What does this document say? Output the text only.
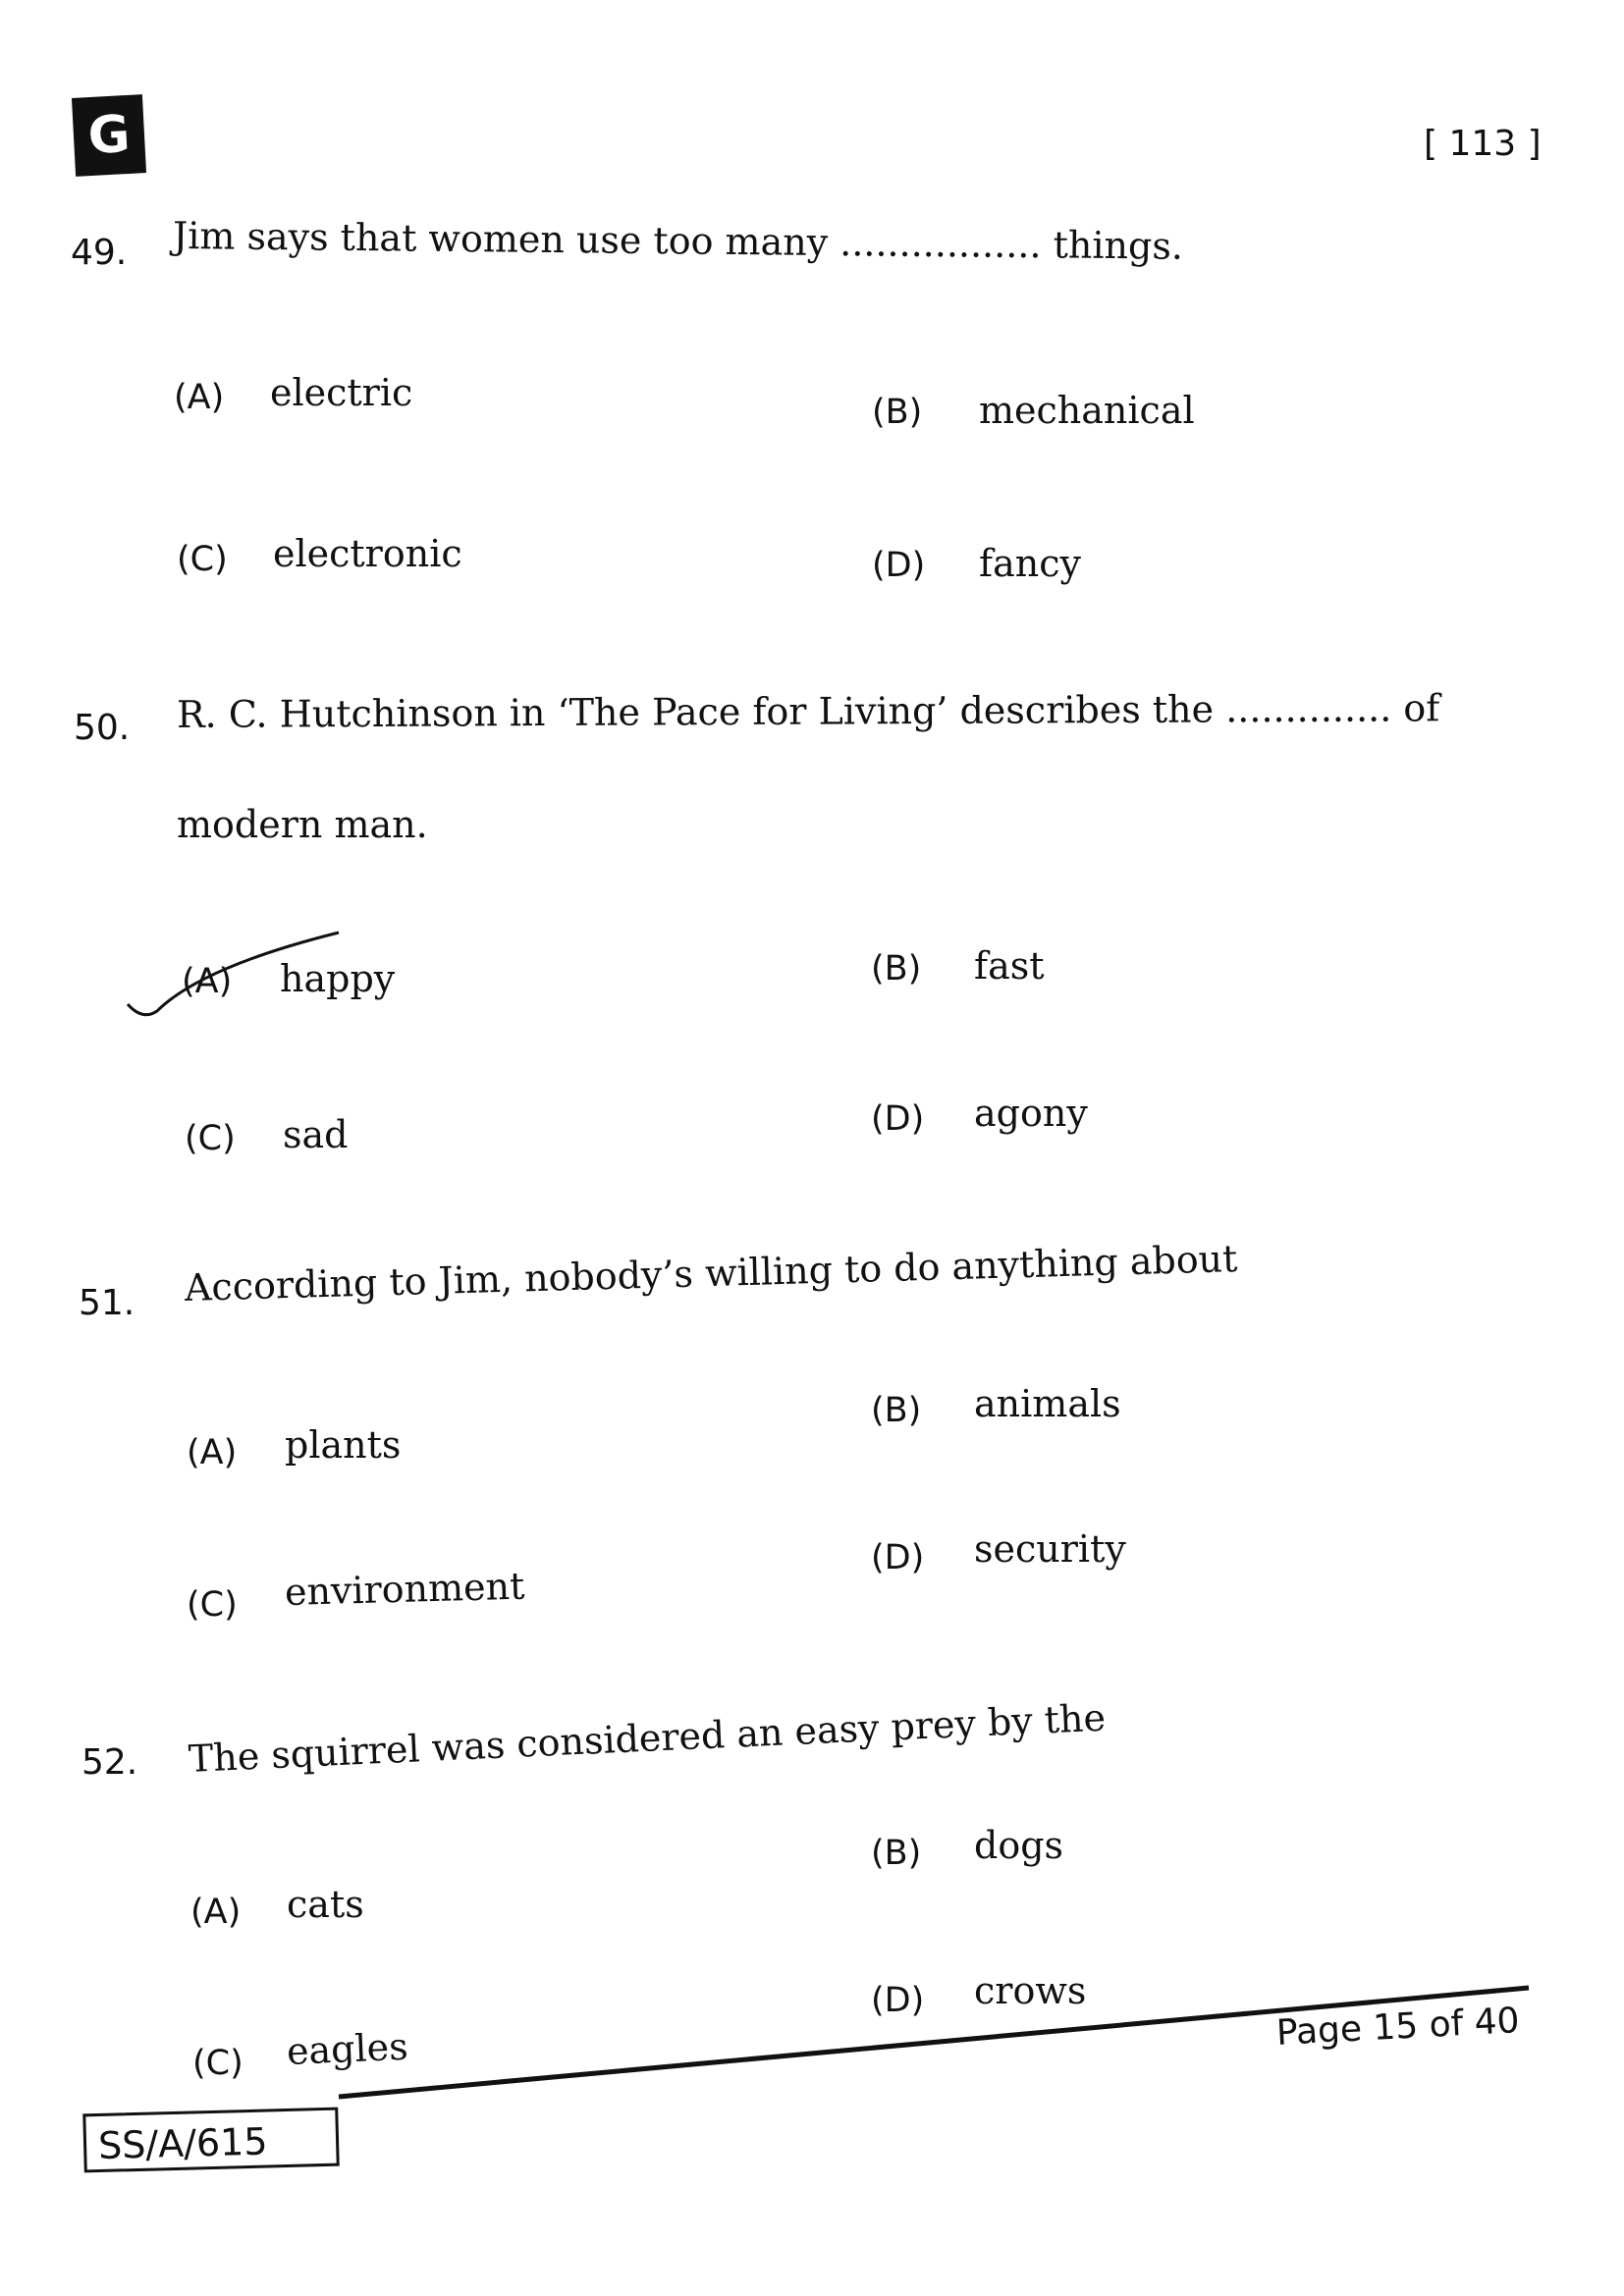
G	[ 113 ]
49. Jim says that women use too many ................. things.
(A) electric	(B) mechanical
(C) electronic	(D) fancy
50. R. C. Hutchinson in ‘The Pace for Living’ describes the .............. of
modern man.
(A) happy	(B) fast
(C) sad	(D) agony
51. According to Jim, nobody’s willing to do anything about
(A) plants
(B) animals
(C) environment
(D) security
52. The squirrel was considered an easy prey by the
(A) cats
(B) dogs
(C) eagles
(D) crows
Page 15 of 40
SS/A/615
